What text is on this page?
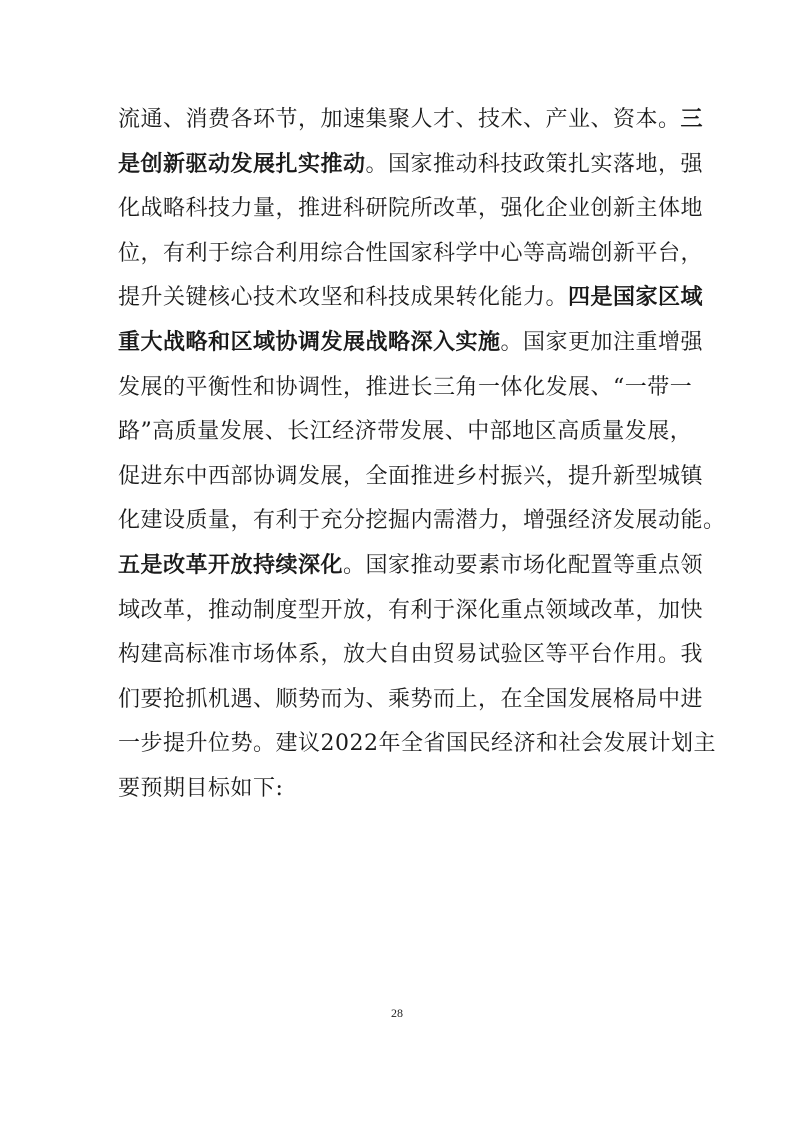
流通、消费各环节，加速集聚人才、技术、产业、资本。三
是创新驱动发展扎实推动。国家推动科技政策扎实落地，强
化战略科技力量，推进科研院所改革，强化企业创新主体地
位，有利于综合利用综合性国家科学中心等高端创新平台，
提升关键核心技术攻坚和科技成果转化能力。四是国家区域
重大战略和区域协调发展战略深入实施。国家更加注重增强
发展的平衡性和协调性，推进长三角一体化发展、“一带一
路”高质量发展、长江经济带发展、中部地区高质量发展，
促进东中西部协调发展，全面推进乡村振兴，提升新型城镇
化建设质量，有利于充分挖掘内需潜力，增强经济发展动能。
五是改革开放持续深化。国家推动要素市场化配置等重点领
域改革，推动制度型开放，有利于深化重点领域改革，加快
构建高标准市场体系，放大自由贸易试验区等平台作用。我
们要抢抓机遇、顺势而为、乘势而上，在全国发展格局中进
一步提升位势。建议2022年全省国民经济和社会发展计划主
要预期目标如下:
28
